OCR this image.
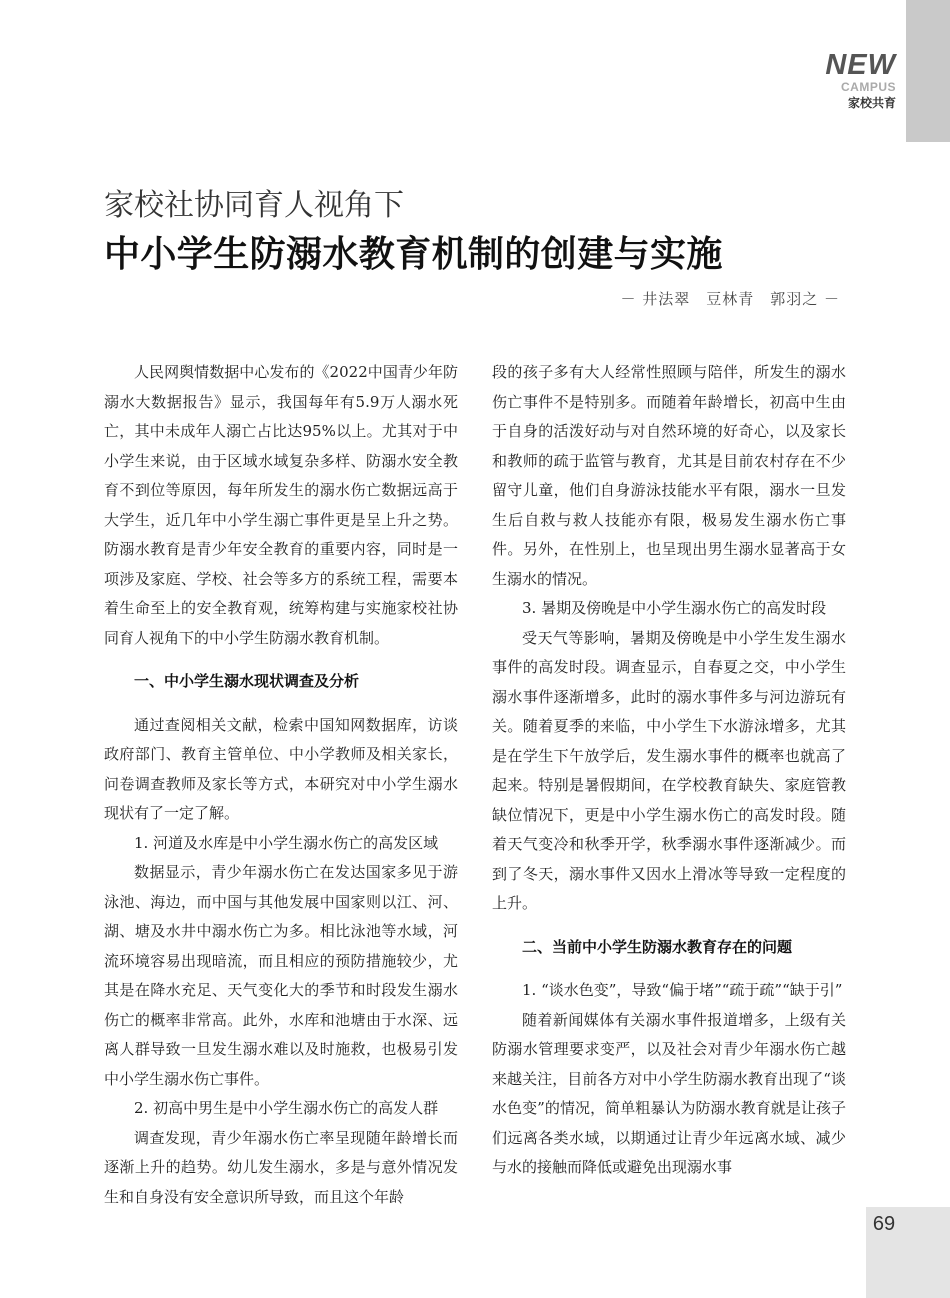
NEW
CAMPUS
家校共育
家校社协同育人视角下
中小学生防溺水教育机制的创建与实施
－ 井法翠　豆林青　郭羽之 －

人民网舆情数据中心发布的《2022中国青少年防溺水大数据报告》显示，我国每年有5.9万人溺水死亡，其中未成年人溺亡占比达95%以上。尤其对于中小学生来说，由于区域水域复杂多样、防溺水安全教育不到位等原因，每年所发生的溺水伤亡数据远高于大学生，近几年中小学生溺亡事件更是呈上升之势。防溺水教育是青少年安全教育的重要内容，同时是一项涉及家庭、学校、社会等多方的系统工程，需要本着生命至上的安全教育观，统筹构建与实施家校社协同育人视角下的中小学生防溺水教育机制。

一、中小学生溺水现状调查及分析

通过查阅相关文献，检索中国知网数据库，访谈政府部门、教育主管单位、中小学教师及相关家长，问卷调查教师及家长等方式，本研究对中小学生溺水现状有了一定了解。

1. 河道及水库是中小学生溺水伤亡的高发区域

数据显示，青少年溺水伤亡在发达国家多见于游泳池、海边，而中国与其他发展中国家则以江、河、湖、塘及水井中溺水伤亡为多。相比泳池等水域，河流环境容易出现暗流，而且相应的预防措施较少，尤其是在降水充足、天气变化大的季节和时段发生溺水伤亡的概率非常高。此外，水库和池塘由于水深、远离人群导致一旦发生溺水难以及时施救，也极易引发中小学生溺水伤亡事件。

2. 初高中男生是中小学生溺水伤亡的高发人群

调查发现，青少年溺水伤亡率呈现随年龄增长而逐渐上升的趋势。幼儿发生溺水，多是与意外情况发生和自身没有安全意识所导致，而且这个年龄

段的孩子多有大人经常性照顾与陪伴，所发生的溺水伤亡事件不是特别多。而随着年龄增长，初高中生由于自身的活泼好动与对自然环境的好奇心，以及家长和教师的疏于监管与教育，尤其是目前农村存在不少留守儿童，他们自身游泳技能水平有限，溺水一旦发生后自救与救人技能亦有限，极易发生溺水伤亡事件。另外，在性别上，也呈现出男生溺水显著高于女生溺水的情况。

3. 暑期及傍晚是中小学生溺水伤亡的高发时段

受天气等影响，暑期及傍晚是中小学生发生溺水事件的高发时段。调查显示，自春夏之交，中小学生溺水事件逐渐增多，此时的溺水事件多与河边游玩有关。随着夏季的来临，中小学生下水游泳增多，尤其是在学生下午放学后，发生溺水事件的概率也就高了起来。特别是暑假期间，在学校教育缺失、家庭管教缺位情况下，更是中小学生溺水伤亡的高发时段。随着天气变冷和秋季开学，秋季溺水事件逐渐减少。而到了冬天，溺水事件又因水上滑冰等导致一定程度的上升。

二、当前中小学生防溺水教育存在的问题

1. “谈水色变”，导致“偏于堵”“疏于疏”“缺于引”

随着新闻媒体有关溺水事件报道增多，上级有关防溺水管理要求变严，以及社会对青少年溺水伤亡越来越关注，目前各方对中小学生防溺水教育出现了“谈水色变”的情况，简单粗暴认为防溺水教育就是让孩子们远离各类水域，以期通过让青少年远离水域、减少与水的接触而降低或避免出现溺水事

69
